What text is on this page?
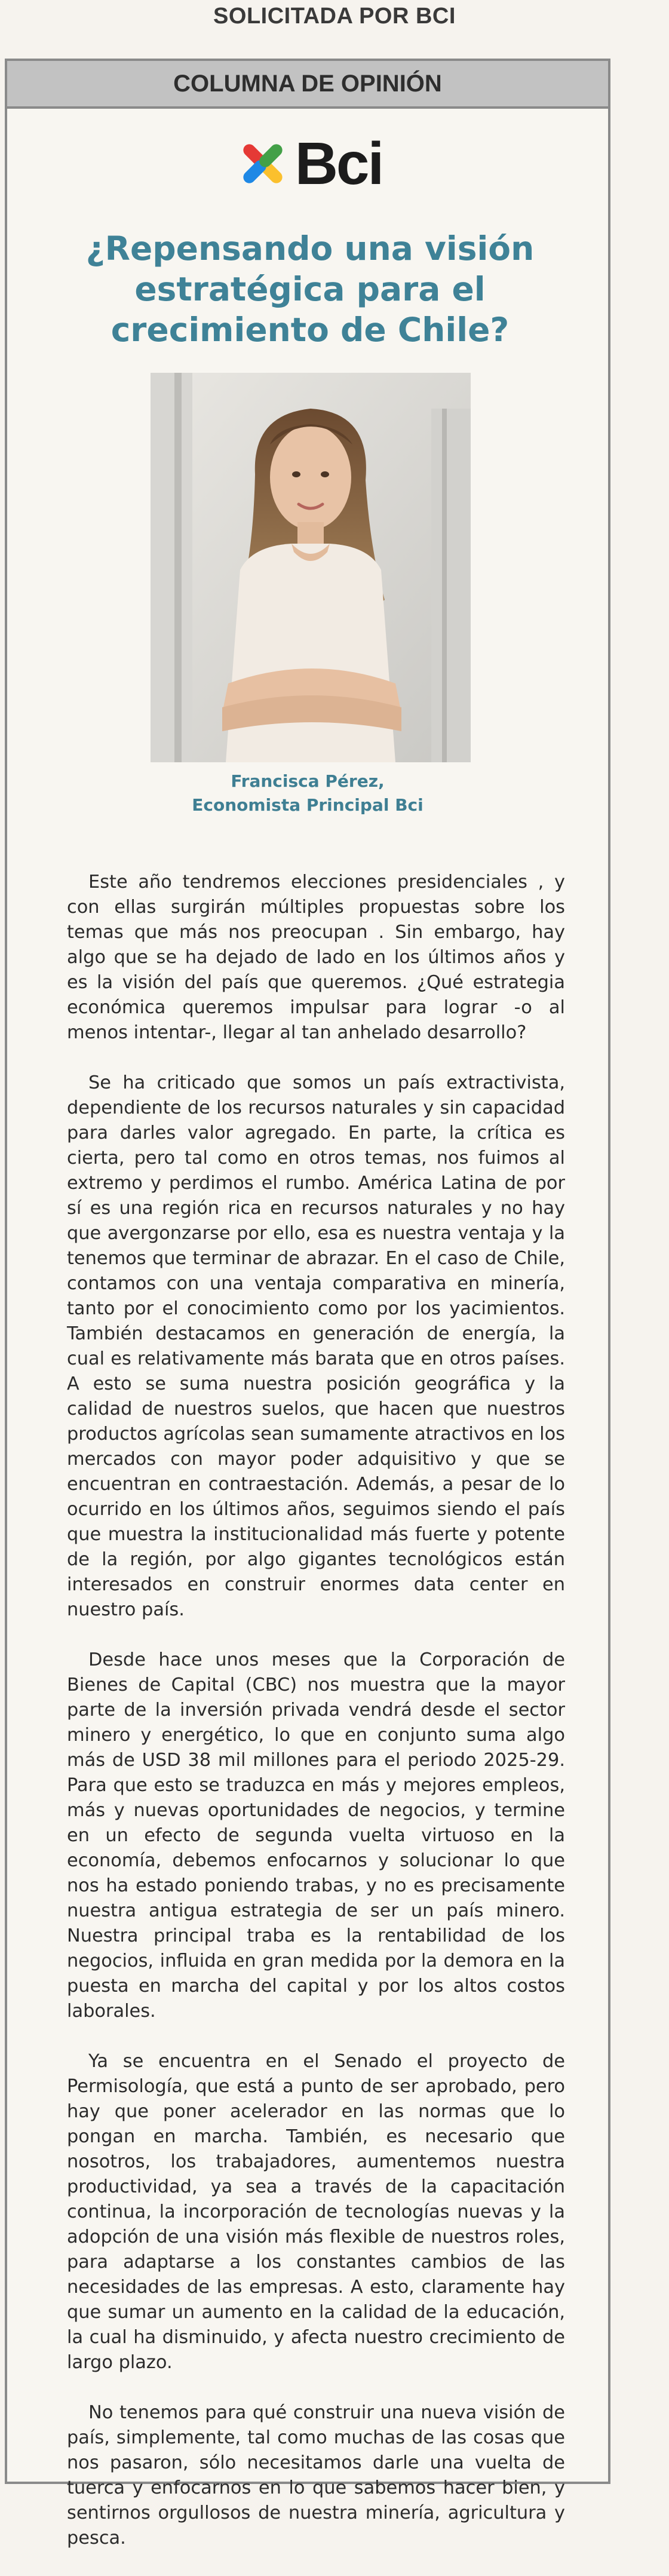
SOLICITADA POR BCI
COLUMNA DE OPINIÓN
Bci
¿Repensando una visión estratégica para el crecimiento de Chile?
Francisca Pérez,
Economista Principal Bci

Este año tendremos elecciones presidenciales , y con ellas surgirán múltiples propuestas sobre los temas que más nos preocupan . Sin embargo, hay algo que se ha dejado de lado en los últimos años y es la visión del país que queremos. ¿Qué estrategia económica queremos impulsar para lograr -o al menos intentar-, llegar al tan anhelado desarrollo?

Se ha criticado que somos un país extractivista, dependiente de los recursos naturales y sin capacidad para darles valor agregado. En parte, la crítica es cierta, pero tal como en otros temas, nos fuimos al extremo y perdimos el rumbo. América Latina de por sí es una región rica en recursos naturales y no hay que avergonzarse por ello, esa es nuestra ventaja y la tenemos que terminar de abrazar. En el caso de Chile, contamos con una ventaja comparativa en minería, tanto por el conocimiento como por los yacimientos. También destacamos en generación de energía, la cual es relativamente más barata que en otros países. A esto se suma nuestra posición geográfica y la calidad de nuestros suelos, que hacen que nuestros productos agrícolas sean sumamente atractivos en los mercados con mayor poder adquisitivo y que se encuentran en contraestación. Además, a pesar de lo ocurrido en los últimos años, seguimos siendo el país que muestra la institucionalidad más fuerte y potente de la región, por algo gigantes tecnológicos están interesados en construir enormes data center en nuestro país.

Desde hace unos meses que la Corporación de Bienes de Capital (CBC) nos muestra que la mayor parte de la inversión privada vendrá desde el sector minero y energético, lo que en conjunto suma algo más de USD 38 mil millones para el periodo 2025-29. Para que esto se traduzca en más y mejores empleos, más y nuevas oportunidades de negocios, y termine en un efecto de segunda vuelta virtuoso en la economía, debemos enfocarnos y solucionar lo que nos ha estado poniendo trabas, y no es precisamente nuestra antigua estrategia de ser un país minero. Nuestra principal traba es la rentabilidad de los negocios, influida en gran medida por la demora en la puesta en marcha del capital y por los altos costos laborales.

Ya se encuentra en el Senado el proyecto de Permisología, que está a punto de ser aprobado, pero hay que poner acelerador en las normas que lo pongan en marcha. También, es necesario que nosotros, los trabajadores, aumentemos nuestra productividad, ya sea a través de la capacitación continua, la incorporación de tecnologías nuevas y la adopción de una visión más flexible de nuestros roles, para adaptarse a los constantes cambios de las necesidades de las empresas. A esto, claramente hay que sumar un aumento en la calidad de la educación, la cual ha disminuido, y afecta nuestro crecimiento de largo plazo.

No tenemos para qué construir una nueva visión de país, simplemente, tal como muchas de las cosas que nos pasaron, sólo necesitamos darle una vuelta de tuerca y enfocarnos en lo que sabemos hacer bien, y sentirnos orgullosos de nuestra minería, agricultura y pesca.
